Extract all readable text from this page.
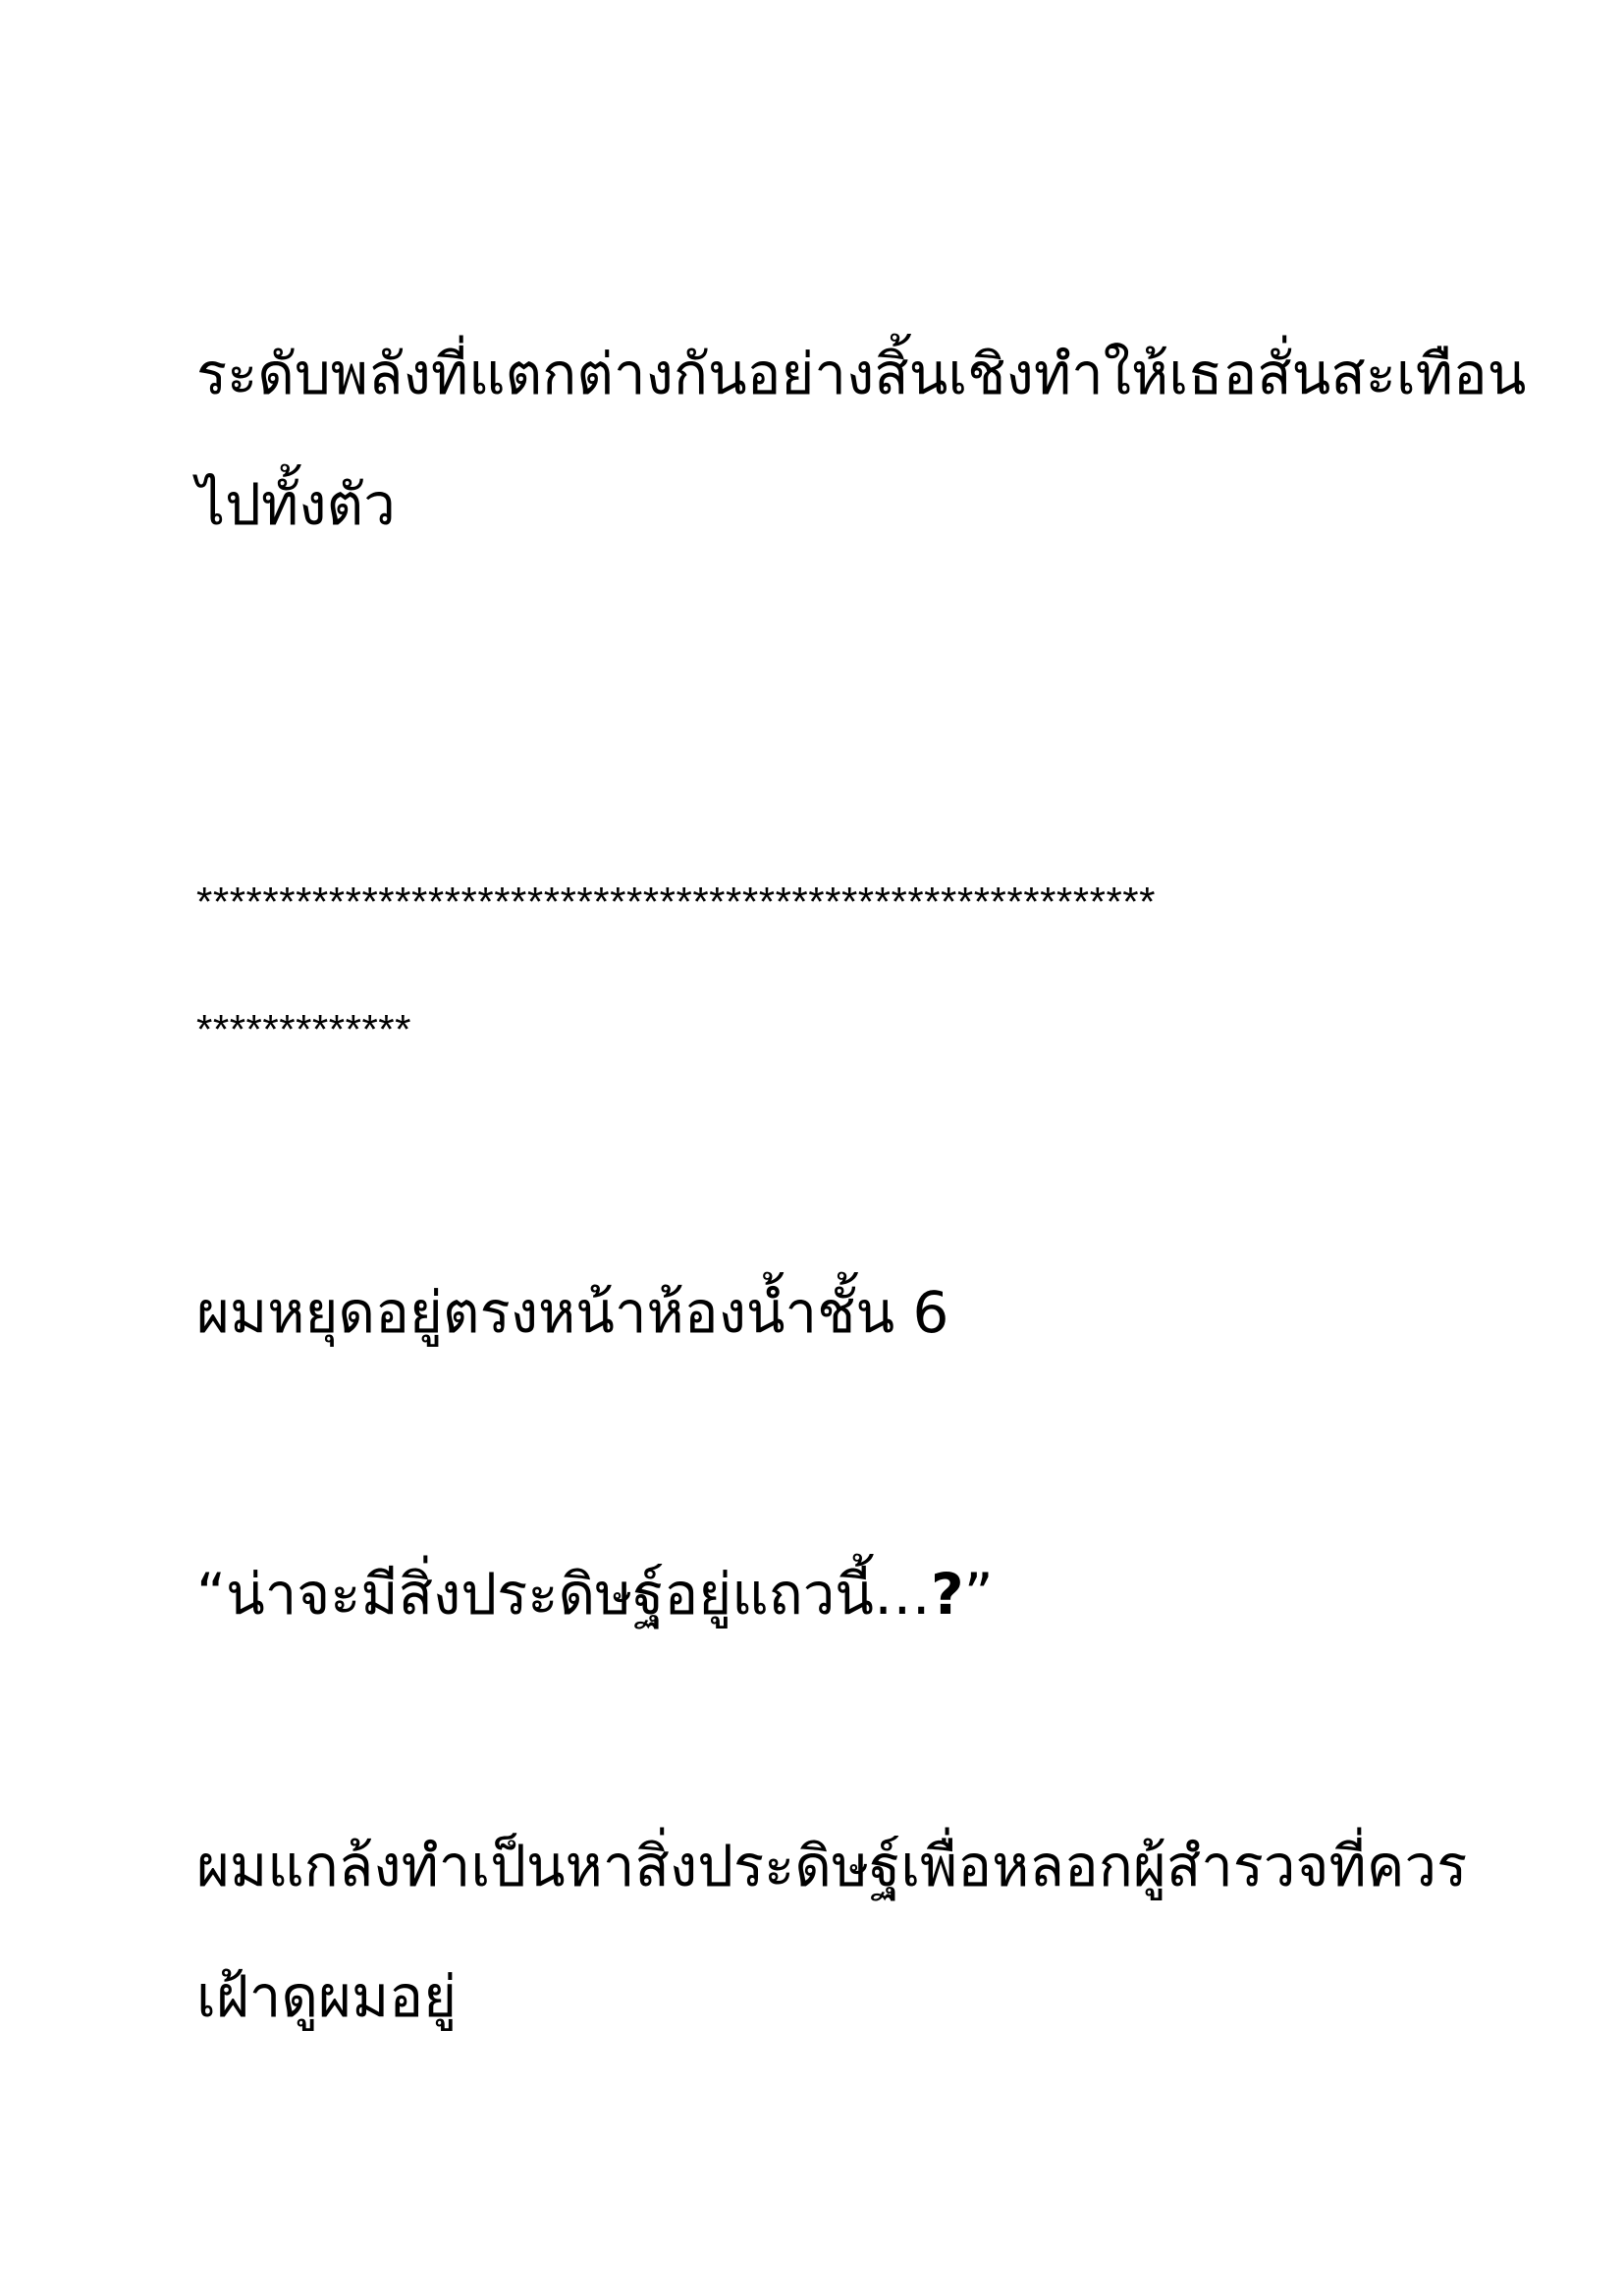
ระดับพลังที่แตกต่างกันอย่างสิ้นเชิงทำให้เธอสั่นสะเทือน
ไปทั้งตัว
**********************************************************
*************
ผมหยุดอยู่ตรงหน้าห้องน้ำชั้น 6
“น่าจะมีสิ่งประดิษฐ์อยู่แถวนี้…?”
ผมแกล้งทำเป็นหาสิ่งประดิษฐ์เพื่อหลอกผู้สำรวจที่ควร
เฝ้าดูผมอยู่
